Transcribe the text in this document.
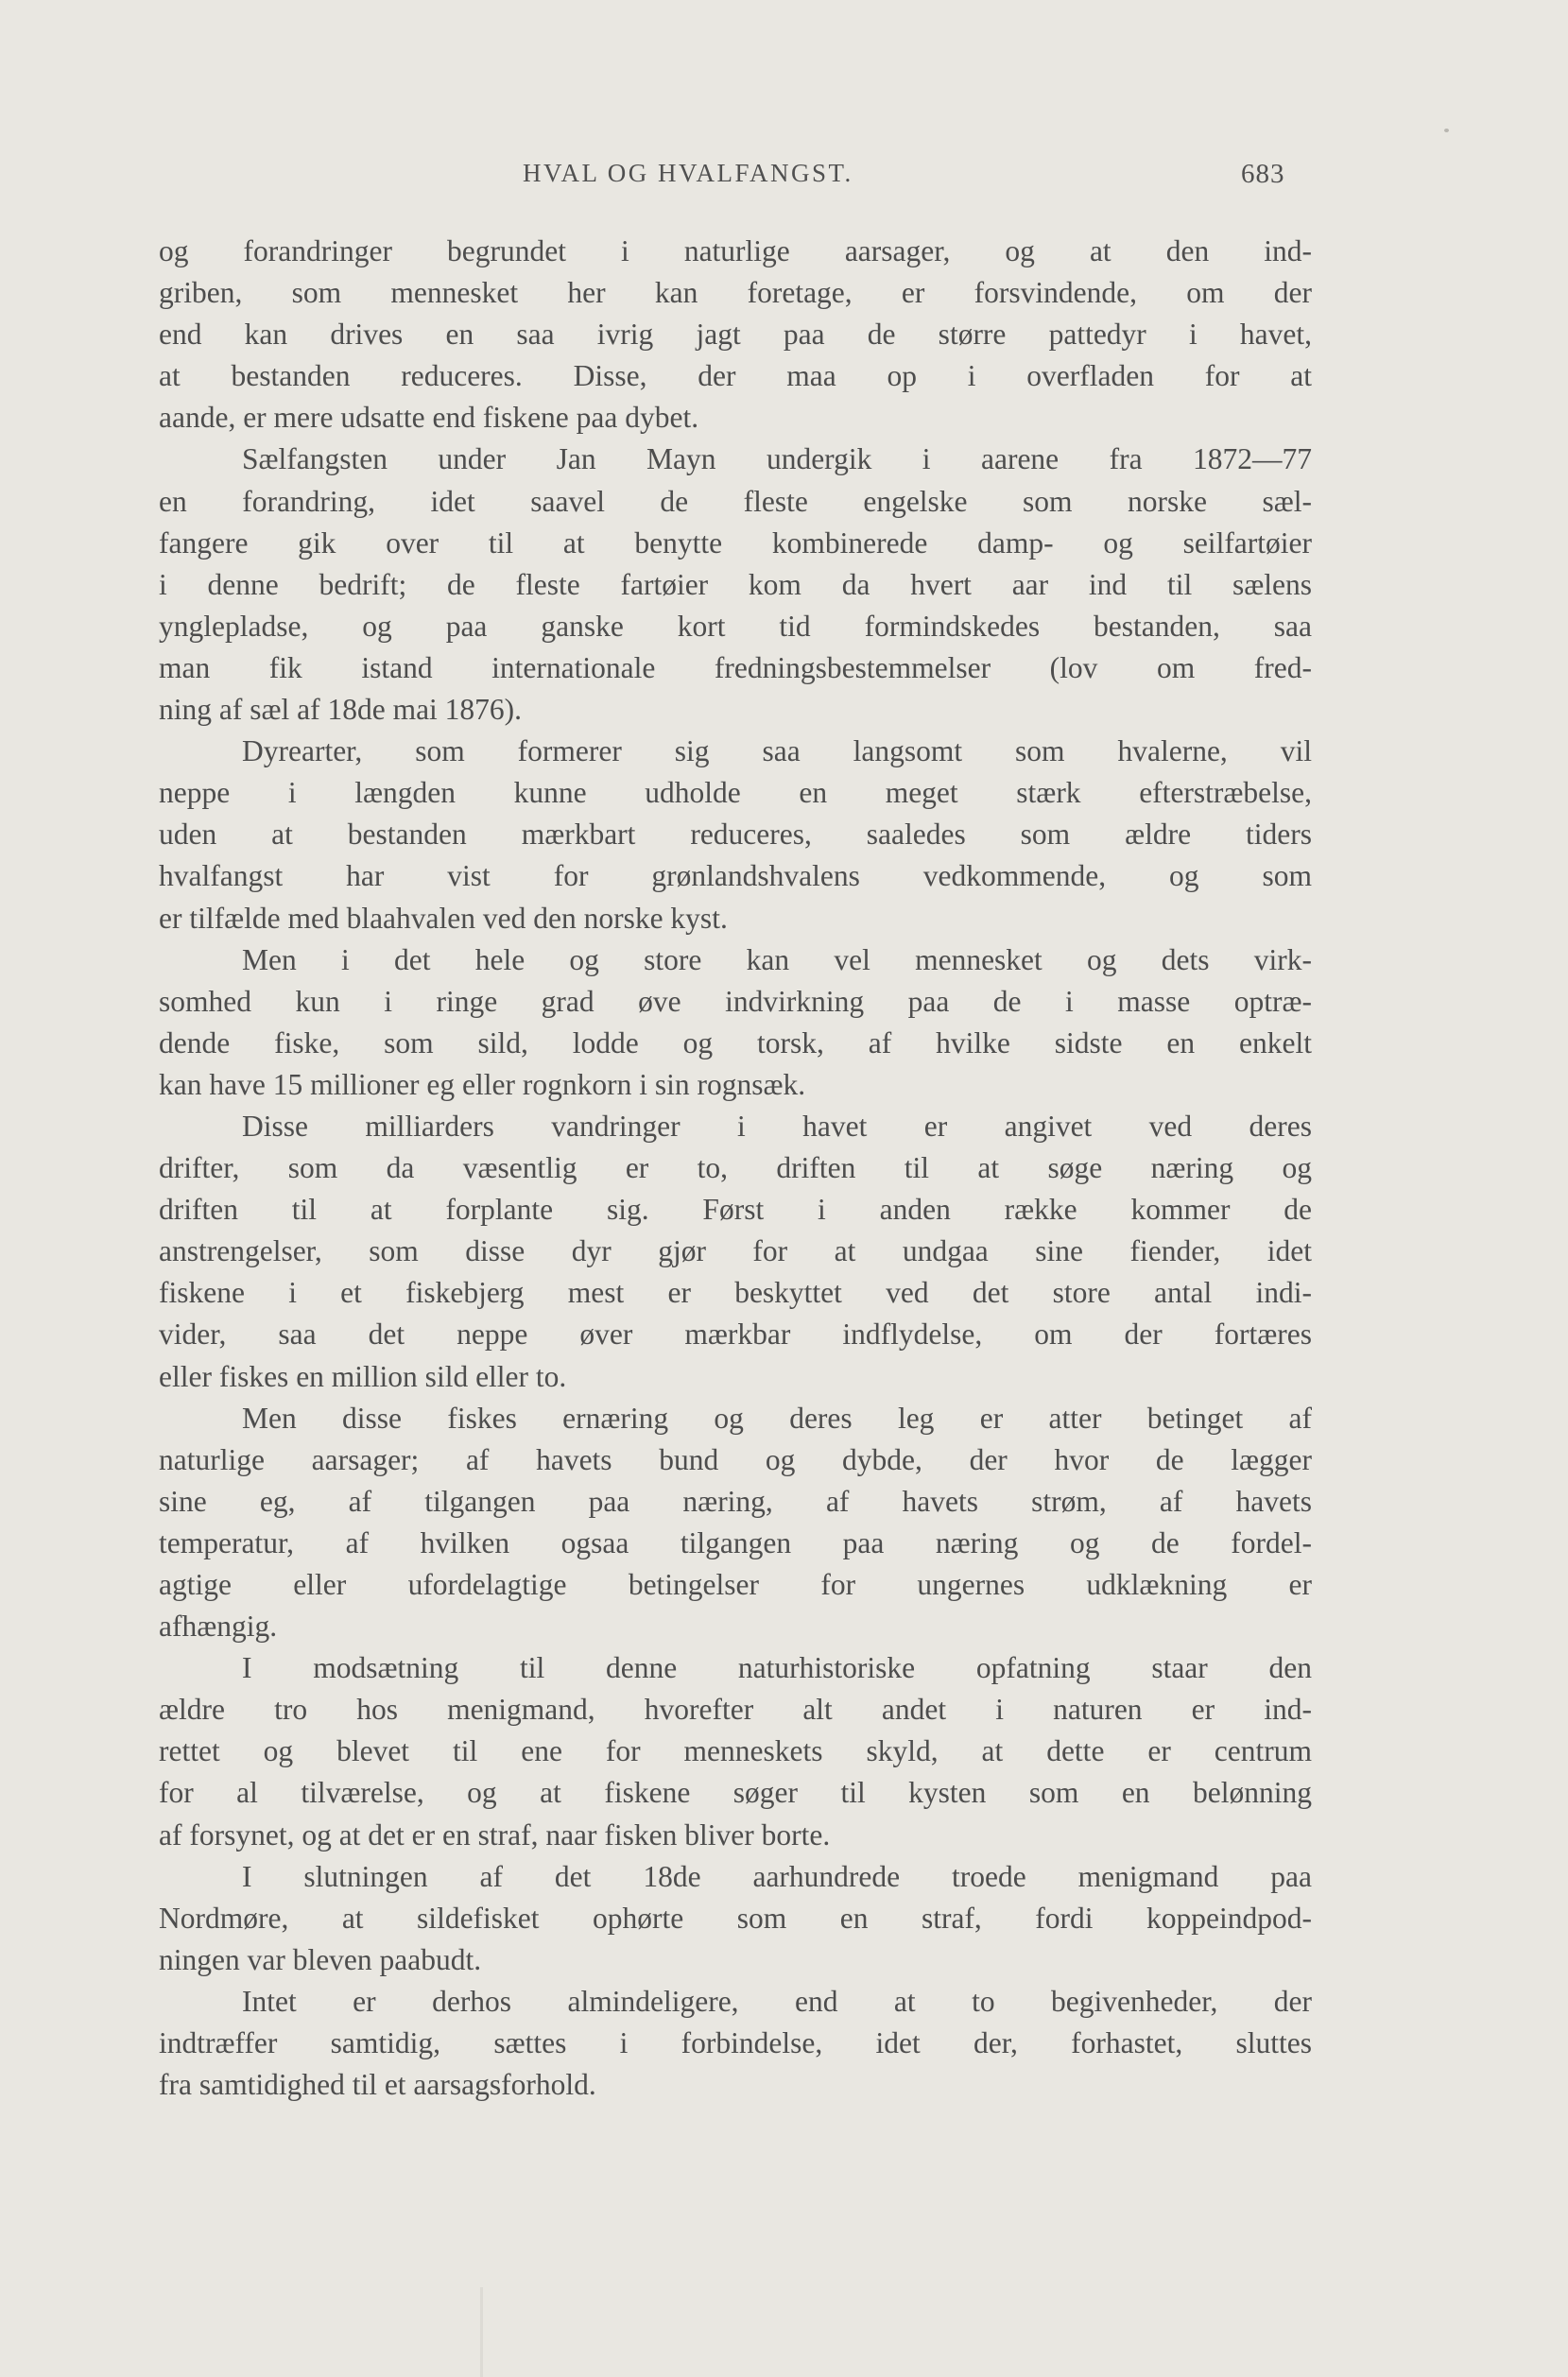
HVAL OG HVALFANGST.	683
og forandringer begrundet i naturlige aarsager, og at den ind-
griben, som mennesket her kan foretage, er forsvindende, om der
end kan drives en saa ivrig jagt paa de større pattedyr i havet,
at bestanden reduceres. Disse, der maa op i overfladen for at
aande, er mere udsatte end fiskene paa dybet.
Sælfangsten under Jan Mayn undergik i aarene fra 1872—77
en forandring, idet saavel de fleste engelske som norske sæl-
fangere gik over til at benytte kombinerede damp- og seilfartøier
i denne bedrift; de fleste fartøier kom da hvert aar ind til sælens
ynglepladse, og paa ganske kort tid formindskedes bestanden, saa
man fik istand internationale fredningsbestemmelser (lov om fred-
ning af sæl af 18de mai 1876).
Dyrearter, som formerer sig saa langsomt som hvalerne, vil
neppe i længden kunne udholde en meget stærk efterstræbelse,
uden at bestanden mærkbart reduceres, saaledes som ældre tiders
hvalfangst har vist for grønlandshvalens vedkommende, og som
er tilfælde med blaahvalen ved den norske kyst.
Men i det hele og store kan vel mennesket og dets virk-
somhed kun i ringe grad øve indvirkning paa de i masse optræ-
dende fiske, som sild, lodde og torsk, af hvilke sidste en enkelt
kan have 15 millioner eg eller rognkorn i sin rognsæk.
Disse milliarders vandringer i havet er angivet ved deres
drifter, som da væsentlig er to, driften til at søge næring og
driften til at forplante sig. Først i anden række kommer de
anstrengelser, som disse dyr gjør for at undgaa sine fiender, idet
fiskene i et fiskebjerg mest er beskyttet ved det store antal indi-
vider, saa det neppe øver mærkbar indflydelse, om der fortæres
eller fiskes en million sild eller to.
Men disse fiskes ernæring og deres leg er atter betinget af
naturlige aarsager; af havets bund og dybde, der hvor de lægger
sine eg, af tilgangen paa næring, af havets strøm, af havets
temperatur, af hvilken ogsaa tilgangen paa næring og de fordel-
agtige eller ufordelagtige betingelser for ungernes udklækning er
afhængig.
I modsætning til denne naturhistoriske opfatning staar den
ældre tro hos menigmand, hvorefter alt andet i naturen er ind-
rettet og blevet til ene for menneskets skyld, at dette er centrum
for al tilværelse, og at fiskene søger til kysten som en belønning
af forsynet, og at det er en straf, naar fisken bliver borte.
I slutningen af det 18de aarhundrede troede menigmand paa
Nordmøre, at sildefisket ophørte som en straf, fordi koppeindpod-
ningen var bleven paabudt.
Intet er derhos almindeligere, end at to begivenheder, der
indtræffer samtidig, sættes i forbindelse, idet der, forhastet, sluttes
fra samtidighed til et aarsagsforhold.
